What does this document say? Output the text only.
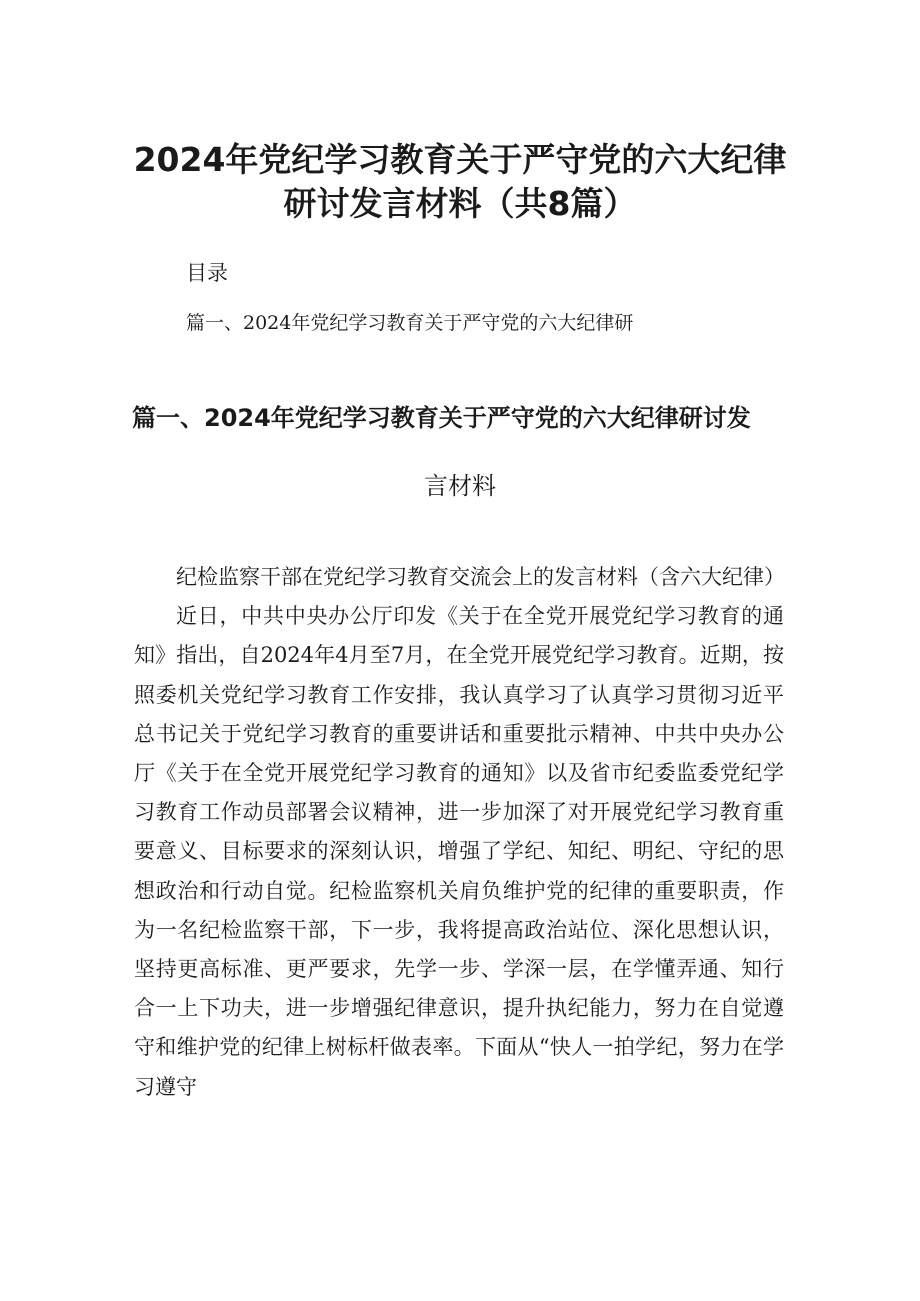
2024年党纪学习教育关于严守党的六大纪律研讨发言材料（共8篇）
目录
篇一、2024年党纪学习教育关于严守党的六大纪律研
篇一、2024年党纪学习教育关于严守党的六大纪律研讨发
言材料

纪检监察干部在党纪学习教育交流会上的发言材料（含六大纪律）

近日，中共中央办公厅印发《关于在全党开展党纪学习教育的通知》指出，自2024年4月至7月，在全党开展党纪学习教育。近期，按照委机关党纪学习教育工作安排，我认真学习了认真学习贯彻习近平总书记关于党纪学习教育的重要讲话和重要批示精神、中共中央办公厅《关于在全党开展党纪学习教育的通知》以及省市纪委监委党纪学习教育工作动员部署会议精神，进一步加深了对开展党纪学习教育重要意义、目标要求的深刻认识，增强了学纪、知纪、明纪、守纪的思想政治和行动自觉。纪检监察机关肩负维护党的纪律的重要职责，作为一名纪检监察干部，下一步，我将提高政治站位、深化思想认识，坚持更高标准、更严要求，先学一步、学深一层，在学懂弄通、知行合一上下功夫，进一步增强纪律意识，提升执纪能力，努力在自觉遵守和维护党的纪律上树标杆做表率。下面从“快人一拍学纪，努力在学习遵守
